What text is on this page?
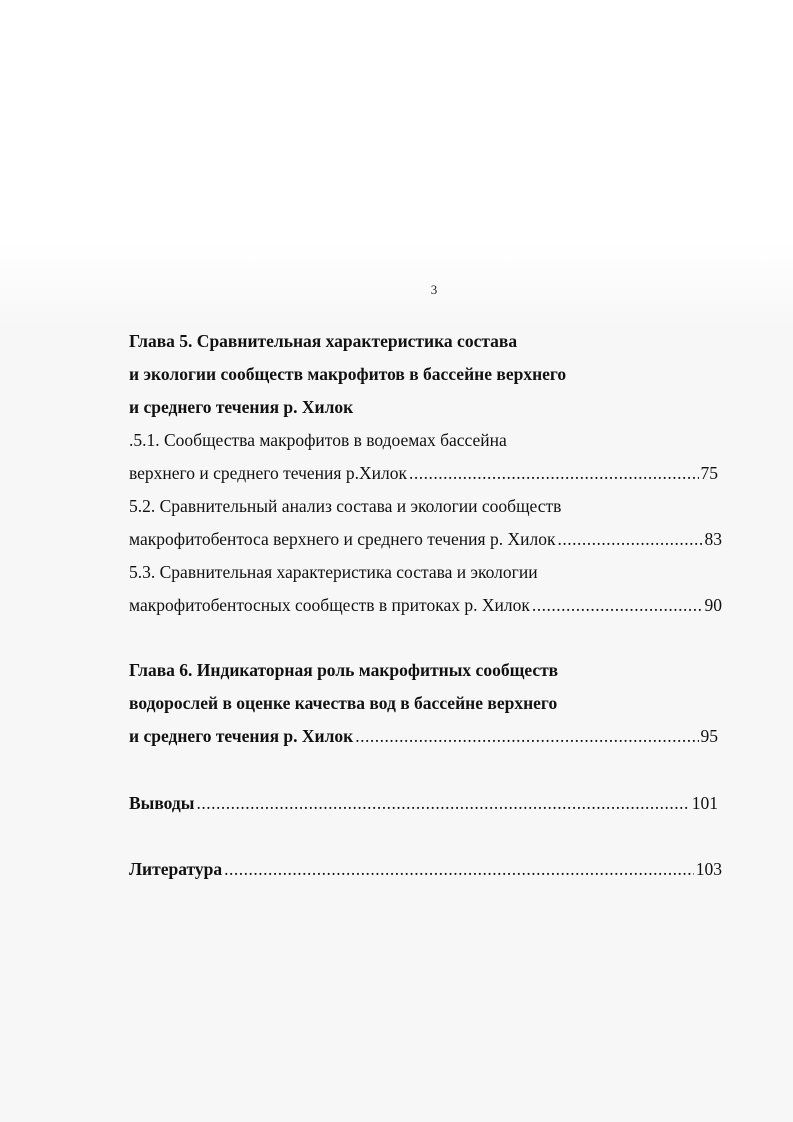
3
Глава 5. Сравнительная характеристика состава
и экологии сообществ макрофитов в бассейне верхнего
и среднего течения р. Хилок
.5.1. Сообщества макрофитов в водоемах бассейна
верхнего и среднего течения р.Хилок .....	75
5.2. Сравнительный анализ состава и экологии сообществ
макрофитобентоса верхнего и среднего течения р. Хилок .....	83
5.3. Сравнительная характеристика состава и экологии
макрофитобентосных сообществ в притоках р. Хилок .....	90
Глава 6. Индикаторная роль макрофитных сообществ
водорослей в оценке качества вод в бассейне верхнего
и среднего течения р. Хилок .....	95
Выводы .....	101
Литература .....	103
